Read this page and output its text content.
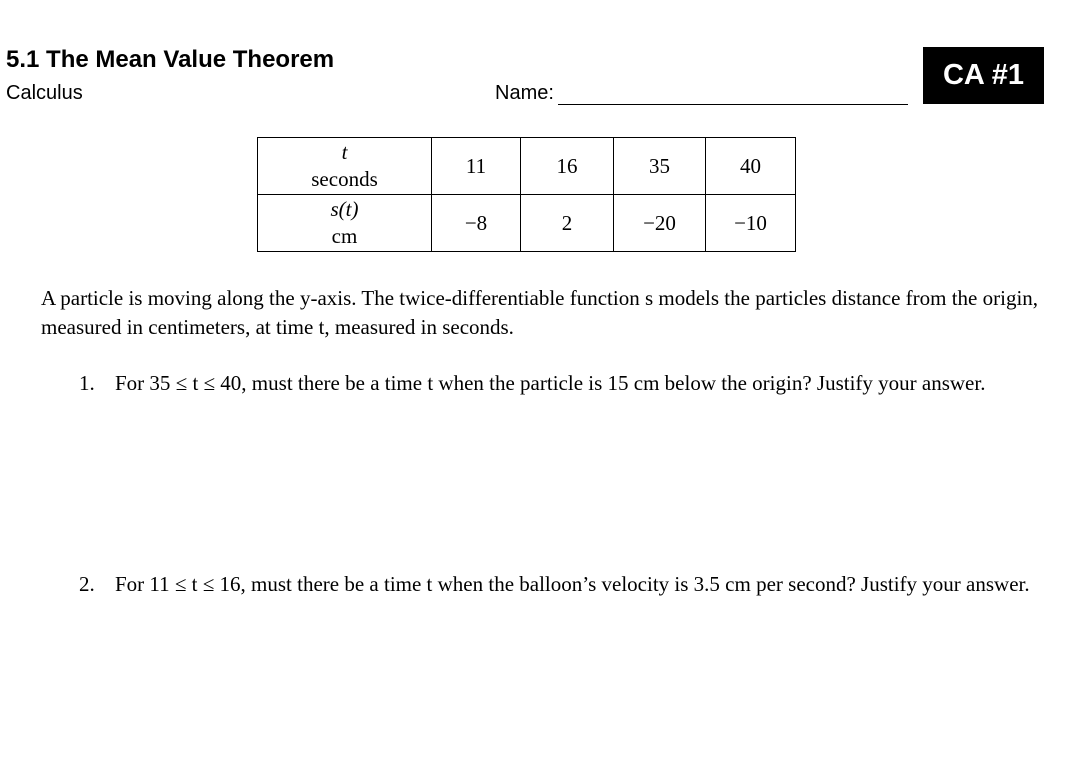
5.1 The Mean Value Theorem
Calculus	Name:
CA #1
t
seconds	11	16	35	40

s(t)
cm	−8	2	−20	−10
A particle is moving along the y-axis. The twice-differentiable function s models the particles distance from the origin, measured in centimeters, at time t, measured in seconds.
1. For 35 ≤ t ≤ 40, must there be a time t when the particle is 15 cm below the origin? Justify your answer.
2. For 11 ≤ t ≤ 16, must there be a time t when the balloon’s velocity is 3.5 cm per second? Justify your answer.
